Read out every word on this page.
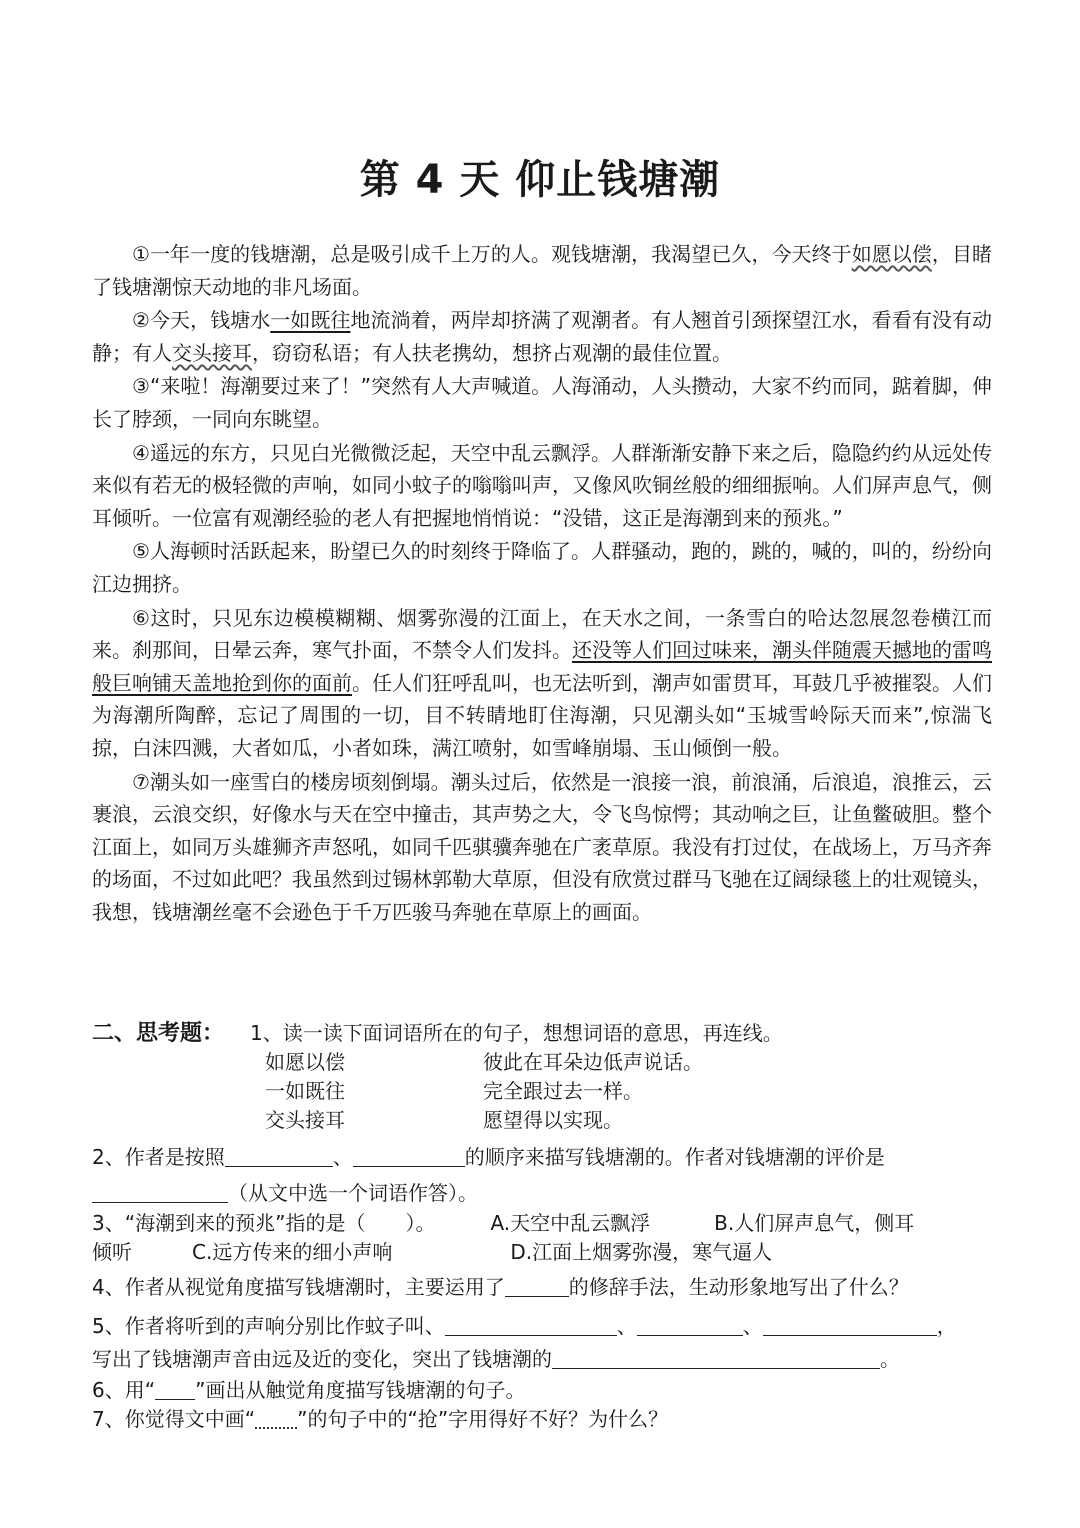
第 4 天 仰止钱塘潮

①一年一度的钱塘潮，总是吸引成千上万的人。观钱塘潮，我渴望已久，今天终于如愿以偿，目睹了钱塘潮惊天动地的非凡场面。

②今天，钱塘水一如既往地流淌着，两岸却挤满了观潮者。有人翘首引颈探望江水，看看有没有动静；有人交头接耳，窃窃私语；有人扶老携幼，想挤占观潮的最佳位置。

③“来啦！海潮要过来了！”突然有人大声喊道。人海涌动，人头攒动，大家不约而同，踮着脚，伸长了脖颈，一同向东眺望。

④遥远的东方，只见白光微微泛起，天空中乱云飘浮。人群渐渐安静下来之后，隐隐约约从远处传来似有若无的极轻微的声响，如同小蚊子的嗡嗡叫声，又像风吹铜丝般的细细振响。人们屏声息气，侧耳倾听。一位富有观潮经验的老人有把握地悄悄说：“没错，这正是海潮到来的预兆。”

⑤人海顿时活跃起来，盼望已久的时刻终于降临了。人群骚动，跑的，跳的，喊的，叫的，纷纷向江边拥挤。

⑥这时，只见东边模模糊糊、烟雾弥漫的江面上，在天水之间，一条雪白的哈达忽展忽卷横江而来。刹那间，日晕云奔，寒气扑面，不禁令人们发抖。还没等人们回过味来，潮头伴随震天撼地的雷鸣般巨响铺天盖地抢到你的面前。任人们狂呼乱叫，也无法听到，潮声如雷贯耳，耳鼓几乎被摧裂。人们为海潮所陶醉，忘记了周围的一切，目不转睛地盯住海潮，只见潮头如“玉城雪岭际天而来”,惊湍飞掠，白沫四溅，大者如瓜，小者如珠，满江喷射，如雪峰崩塌、玉山倾倒一般。

⑦潮头如一座雪白的楼房顷刻倒塌。潮头过后，依然是一浪接一浪，前浪涌，后浪追，浪推云，云裹浪，云浪交织，好像水与天在空中撞击，其声势之大，令飞鸟惊愕；其动响之巨，让鱼鳖破胆。整个江面上，如同万头雄狮齐声怒吼，如同千匹骐骥奔驰在广袤草原。我没有打过仗，在战场上，万马齐奔的场面，不过如此吧？我虽然到过锡林郭勒大草原，但没有欣赏过群马飞驰在辽阔绿毯上的壮观镜头，我想，钱塘潮丝毫不会逊色于千万匹骏马奔驰在草原上的画面。

二、思考题： 1、读一读下面词语所在的句子，想想词语的意思，再连线。
如愿以偿	彼此在耳朵边低声说话。
一如既往	完全跟过去一样。
交头接耳	愿望得以实现。
2、作者是按照	、	的顺序来描写钱塘潮的。作者对钱塘潮的评价是
（从文中选一个词语作答）。
3、“海潮到来的预兆”指的是（ ）。	A.天空中乱云飘浮	B.人们屏声息气，侧耳
倾听	C.远方传来的细小声响	D.江面上烟雾弥漫，寒气逼人
4、作者从视觉角度描写钱塘潮时，主要运用了	的修辞手法，生动形象地写出了什么？
5、作者将听到的声响分别比作蚊子叫、	、	、	，
写出了钱塘潮声音由远及近的变化，突出了钱塘潮的	。
6、用“ ”画出从触觉角度描写钱塘潮的句子。
7、你觉得文中画“ ”的句子中的“抢”字用得好不好？为什么？
